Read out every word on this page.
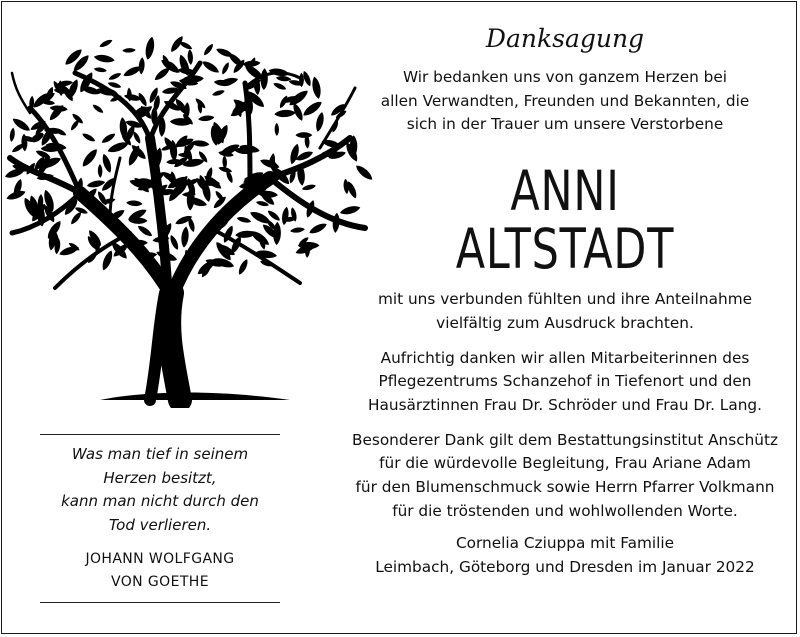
Was man tief in seinem
Herzen besitzt,
kann man nicht durch den
Tod verlieren.
JOHANN WOLFGANG
VON GOETHE
Danksagung
Wir bedanken uns von ganzem Herzen bei
allen Verwandten, Freunden und Bekannten, die
sich in der Trauer um unsere Verstorbene
ANNI
ALTSTADT
mit uns verbunden fühlten und ihre Anteilnahme
vielfältig zum Ausdruck brachten.
Aufrichtig danken wir allen Mitarbeiterinnen des
Pflegezentrums Schanzehof in Tiefenort und den
Hausärztinnen Frau Dr. Schröder und Frau Dr. Lang.
Besonderer Dank gilt dem Bestattungsinstitut Anschütz
für die würdevolle Begleitung, Frau Ariane Adam
für den Blumenschmuck sowie Herrn Pfarrer Volkmann
für die tröstenden und wohlwollenden Worte.
Cornelia Cziuppa mit Familie
Leimbach, Göteborg und Dresden im Januar 2022
